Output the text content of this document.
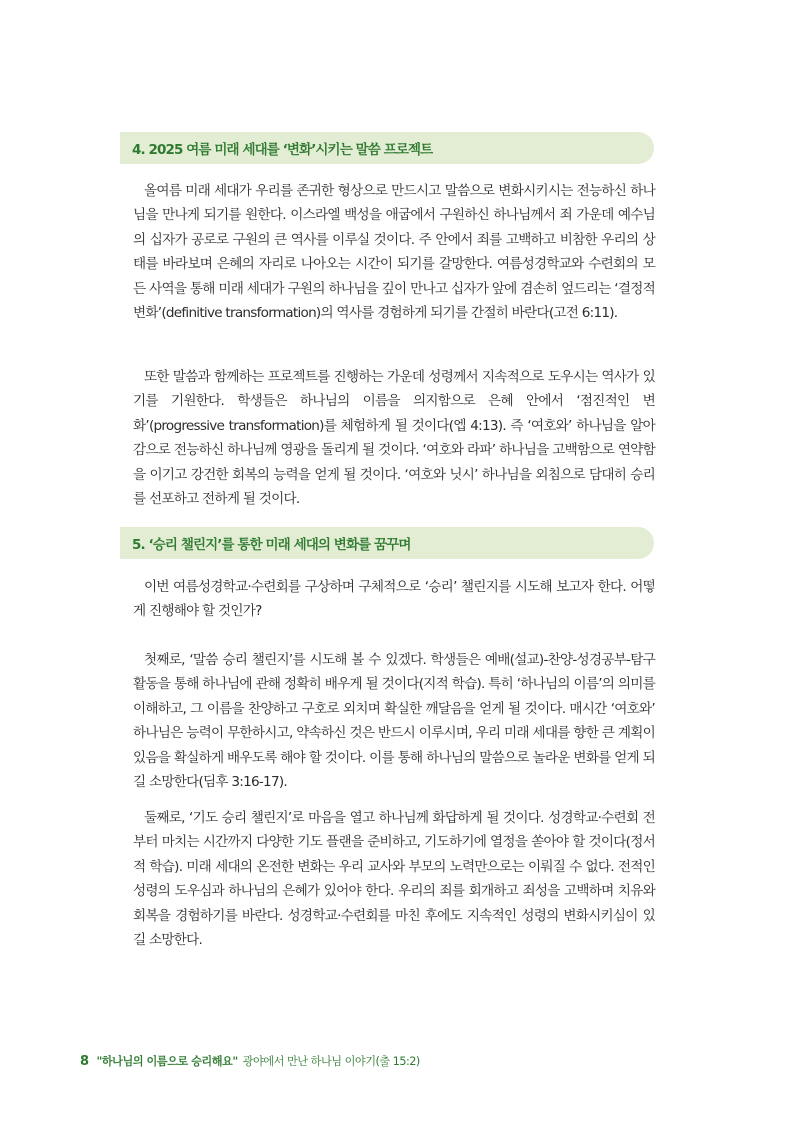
4. 2025 여름 미래 세대를 ‘변화’시키는 말씀 프로젝트

올여름 미래 세대가 우리를 존귀한 형상으로 만드시고 말씀으로 변화시키시는 전능하신 하나님을 만나게 되기를 원한다. 이스라엘 백성을 애굽에서 구원하신 하나님께서 죄 가운데 예수님의 십자가 공로로 구원의 큰 역사를 이루실 것이다. 주 안에서 죄를 고백하고 비참한 우리의 상태를 바라보며 은혜의 자리로 나아오는 시간이 되기를 갈망한다. 여름성경학교와 수련회의 모든 사역을 통해 미래 세대가 구원의 하나님을 깊이 만나고 십자가 앞에 겸손히 엎드리는 ‘결정적 변화’(definitive transformation)의 역사를 경험하게 되기를 간절히 바란다(고전 6:11).

또한 말씀과 함께하는 프로젝트를 진행하는 가운데 성령께서 지속적으로 도우시는 역사가 있기를 기원한다. 학생들은 하나님의 이름을 의지함으로 은혜 안에서 ‘점진적인 변화’(progressive transformation)를 체험하게 될 것이다(엡 4:13). 즉 ‘여호와’ 하나님을 알아감으로 전능하신 하나님께 영광을 돌리게 될 것이다. ‘여호와 라파’ 하나님을 고백함으로 연약함을 이기고 강건한 회복의 능력을 얻게 될 것이다. ‘여호와 닛시’ 하나님을 외침으로 담대히 승리를 선포하고 전하게 될 것이다.

5. ‘승리 챌린지’를 통한 미래 세대의 변화를 꿈꾸며

이번 여름성경학교·수련회를 구상하며 구체적으로 ‘승리’ 챌린지를 시도해 보고자 한다. 어떻게 진행해야 할 것인가?

첫째로, ‘말씀 승리 챌린지’를 시도해 볼 수 있겠다. 학생들은 예배(설교)-찬양-성경공부-탐구 활동을 통해 하나님에 관해 정확히 배우게 될 것이다(지적 학습). 특히 ‘하나님의 이름’의 의미를 이해하고, 그 이름을 찬양하고 구호로 외치며 확실한 깨달음을 얻게 될 것이다. 매시간 ‘여호와’ 하나님은 능력이 무한하시고, 약속하신 것은 반드시 이루시며, 우리 미래 세대를 향한 큰 계획이 있음을 확실하게 배우도록 해야 할 것이다. 이를 통해 하나님의 말씀으로 놀라운 변화를 얻게 되길 소망한다(딤후 3:16-17).

둘째로, ‘기도 승리 챌린지’로 마음을 열고 하나님께 화답하게 될 것이다. 성경학교·수련회 전부터 마치는 시간까지 다양한 기도 플랜을 준비하고, 기도하기에 열정을 쏟아야 할 것이다(정서적 학습). 미래 세대의 온전한 변화는 우리 교사와 부모의 노력만으로는 이뤄질 수 없다. 전적인 성령의 도우심과 하나님의 은혜가 있어야 한다. 우리의 죄를 회개하고 죄성을 고백하며 치유와 회복을 경험하기를 바란다. 성경학교·수련회를 마친 후에도 지속적인 성령의 변화시키심이 있길 소망한다.

8 "하나님의 이름으로 승리해요" 광야에서 만난 하나님 이야기(출 15:2)
